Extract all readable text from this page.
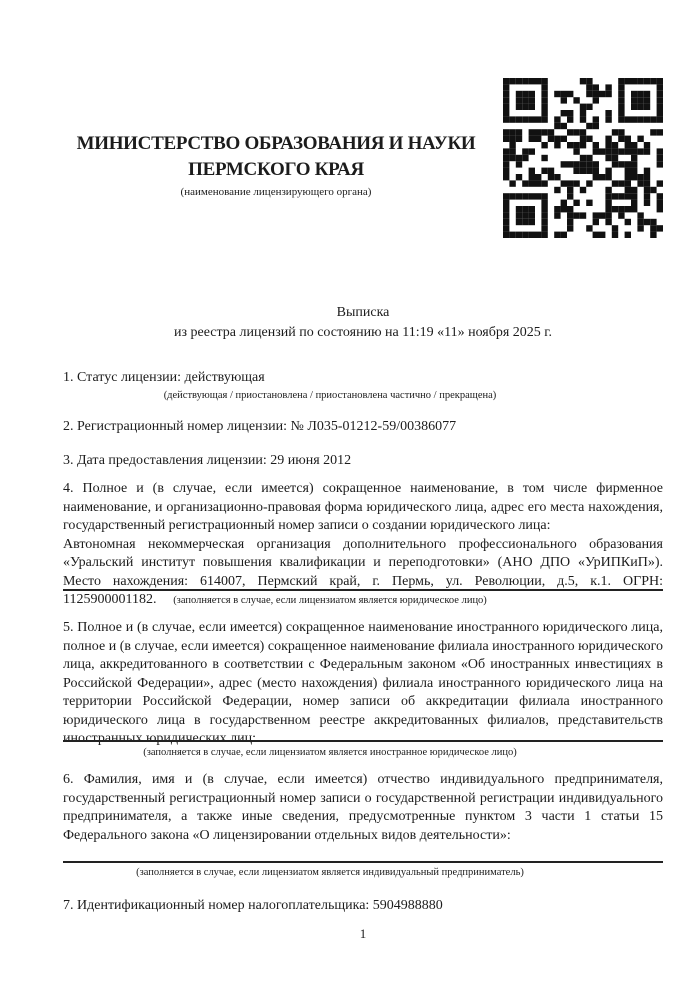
МИНИСТЕРСТВО ОБРАЗОВАНИЯ И НАУКИ
ПЕРМСКОГО КРАЯ
(наименование лицензирующего органа)
Выписка
из реестра лицензий по состоянию на 11:19 «11» ноября 2025 г.
1. Статус лицензии: действующая
(действующая / приостановлена / приостановлена частично / прекращена)
2. Регистрационный номер лицензии: № Л035-01212-59/00386077
3. Дата предоставления лицензии: 29 июня 2012

4. Полное и (в случае, если имеется) сокращенное наименование, в том числе фирменное наименование, и организационно-правовая форма юридического лица, адрес его места нахождения, государственный регистрационный номер записи о создании юридического лица:

Автономная некоммерческая организация дополнительного профессионального образования «Уральский институт повышения квалификации и переподготовки» (АНО ДПО «УрИПКиП»). Место нахождения: 614007, Пермский край, г. Пермь, ул. Революции, д.5, к.1. ОГРН: 1125900001182.	(заполняется в случае, если лицензиатом является юридическое лицо)

5. Полное и (в случае, если имеется) сокращенное наименование иностранного юридического лица, полное и (в случае, если имеется) сокращенное наименование филиала иностранного юридического лица, аккредитованного в соответствии с Федеральным законом «Об иностранных инвестициях в Российской Федерации», адрес (место нахождения) филиала иностранного юридического лица на территории Российской Федерации, номер записи об аккредитации филиала иностранного юридического лица в государственном реестре аккредитованных филиалов, представительств иностранных юридических лиц:

(заполняется в случае, если лицензиатом является иностранное юридическое лицо)

6. Фамилия, имя и (в случае, если имеется) отчество индивидуального предпринимателя, государственный регистрационный номер записи о государственной регистрации индивидуального предпринимателя, а также иные сведения, предусмотренные пунктом 3 части 1 статьи 15 Федерального закона «О лицензировании отдельных видов деятельности»:

(заполняется в случае, если лицензиатом является индивидуальный предприниматель)
7. Идентификационный номер налогоплательщика: 5904988880
1
